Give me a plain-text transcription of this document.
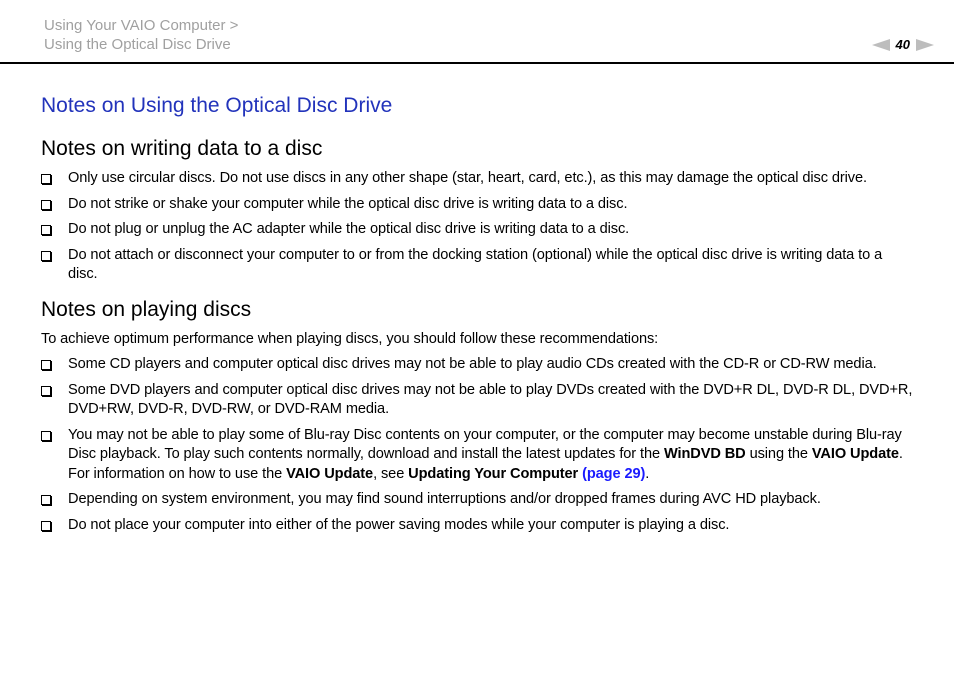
Using Your VAIO Computer >
Using the Optical Disc Drive	40
Notes on Using the Optical Disc Drive
Notes on writing data to a disc
Only use circular discs. Do not use discs in any other shape (star, heart, card, etc.), as this may damage the optical disc drive.
Do not strike or shake your computer while the optical disc drive is writing data to a disc.
Do not plug or unplug the AC adapter while the optical disc drive is writing data to a disc.
Do not attach or disconnect your computer to or from the docking station (optional) while the optical disc drive is writing data to a disc.
Notes on playing discs

To achieve optimum performance when playing discs, you should follow these recommendations:

Some CD players and computer optical disc drives may not be able to play audio CDs created with the CD-R or CD-RW media.
Some DVD players and computer optical disc drives may not be able to play DVDs created with the DVD+R DL, DVD-R DL, DVD+R, DVD+RW, DVD-R, DVD-RW, or DVD-RAM media.
You may not be able to play some of Blu-ray Disc contents on your computer, or the computer may become unstable during Blu-ray Disc playback. To play such contents normally, download and install the latest updates for the WinDVD BD using the VAIO Update.
For information on how to use the VAIO Update, see Updating Your Computer (page 29).
Depending on system environment, you may find sound interruptions and/or dropped frames during AVC HD playback.
Do not place your computer into either of the power saving modes while your computer is playing a disc.
